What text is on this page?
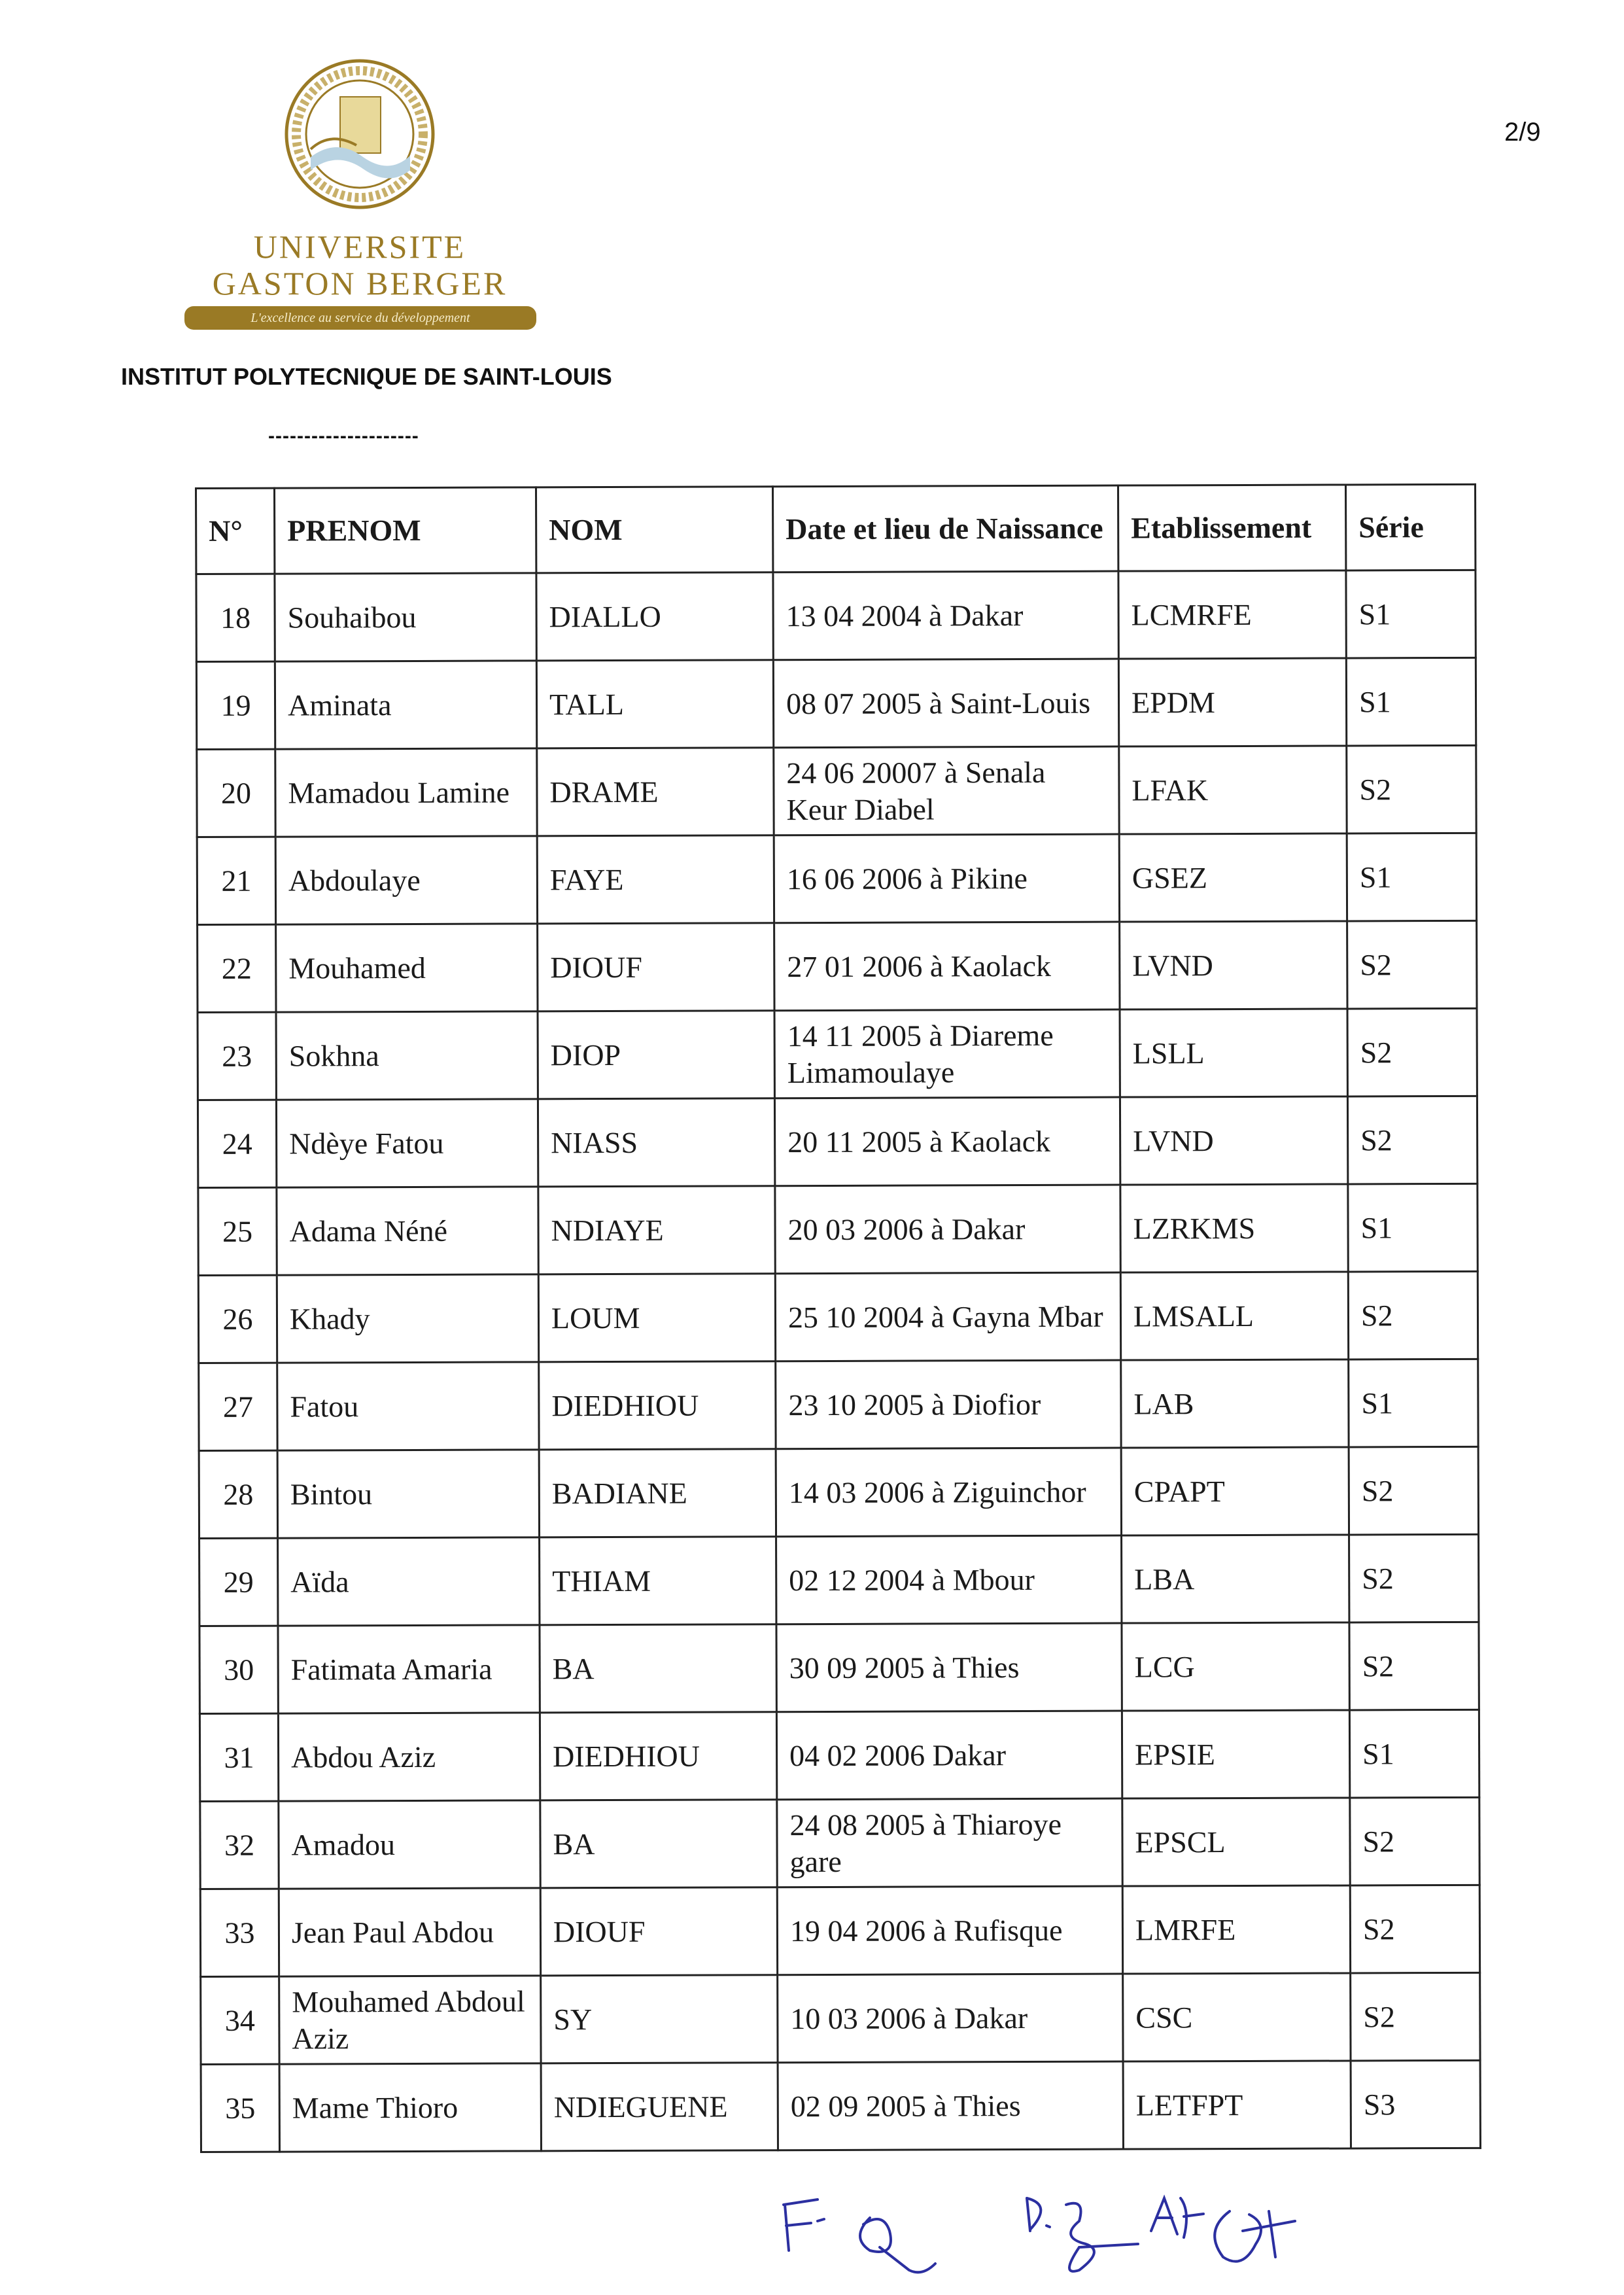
UNIVERSITE
GASTON BERGER
L'excellence au service du développement
INSTITUT POLYTECNIQUE DE SAINT-LOUIS
---------------------
2/9
N°	PRENOM	NOM	Date et lieu de Naissance	Etablissement	Série
18	Souhaibou	DIALLO	13 04 2004 à Dakar	LCMRFE	S1
19	Aminata	TALL	08 07 2005 à Saint-Louis	EPDM	S1
20	Mamadou Lamine	DRAME	24 06 20007 à Senala Keur Diabel	LFAK	S2
21	Abdoulaye	FAYE	16 06 2006 à Pikine	GSEZ	S1
22	Mouhamed	DIOUF	27 01 2006 à Kaolack	LVND	S2
23	Sokhna	DIOP	14 11 2005 à Diareme Limamoulaye	LSLL	S2
24	Ndèye Fatou	NIASS	20 11 2005 à Kaolack	LVND	S2
25	Adama Néné	NDIAYE	20 03 2006 à Dakar	LZRKMS	S1
26	Khady	LOUM	25 10 2004 à Gayna Mbar	LMSALL	S2
27	Fatou	DIEDHIOU	23 10 2005 à Diofior	LAB	S1
28	Bintou	BADIANE	14 03 2006 à Ziguinchor	CPAPT	S2
29	Aïda	THIAM	02 12 2004 à Mbour	LBA	S2
30	Fatimata Amaria	BA	30 09 2005 à Thies	LCG	S2
31	Abdou Aziz	DIEDHIOU	04 02 2006 Dakar	EPSIE	S1
32	Amadou	BA	24 08 2005 à Thiaroye gare	EPSCL	S2
33	Jean Paul Abdou	DIOUF	19 04 2006 à Rufisque	LMRFE	S2
34	Mouhamed Abdoul Aziz	SY	10 03 2006 à Dakar	CSC	S2
35	Mame Thioro	NDIEGUENE	02 09 2005 à Thies	LETFPT	S3
